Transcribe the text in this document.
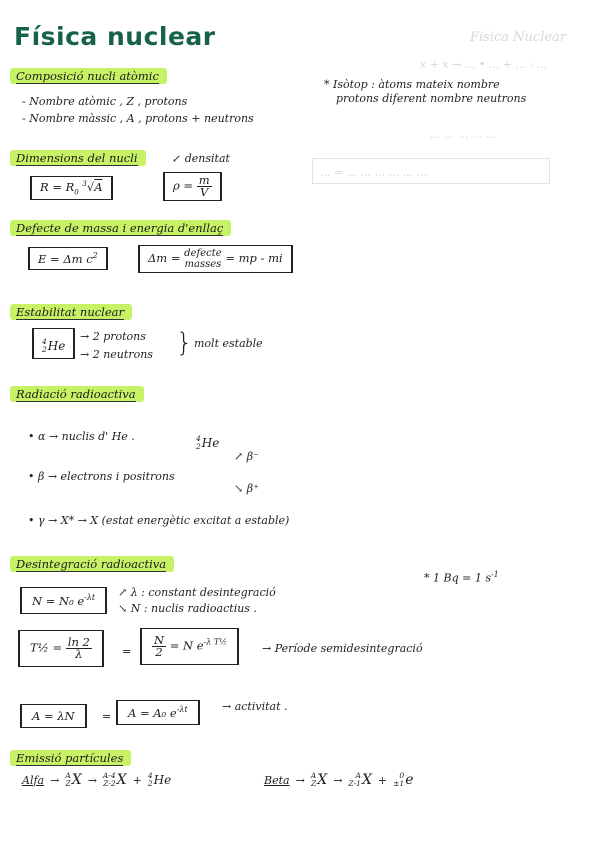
Física nuclear	Fisica Nuclear
x + x → ... • ... + ... · ...
... ... ... ... ...
... = ... ... ... ... ... ...
Composició nucli atòmic
- Nombre atòmic , Z , protons
- Nombre màssic , A , protons + neutrons
* Isòtop : àtoms mateix nombre
protons diferent nombre neutrons
Dimensions del nucli	↙ densitat
$R = R_0$ $^3$√A	$\rho = \frac{m}{V}$
Defecte de massa i energia d'enllaç
E = Δm $c^2$	Δm = defecte
masses = mp - mi
Estabilitat nuclear
4
2 He
→ 2 protons
→ 2 neutrons } molt estable
Radiació radioactiva
• α → nuclis d' He .	4
2 He
• β → electrons i positrons
↗ β⁻
↘ β⁺
• γ → X* → X (estat energètic excitat a estable)
Desintegració radioactiva
* 1 Bq = 1 $s^{-1}$
N = N₀ $e^{-\lambda t}$	↗ λ : constant desintegració
↘ N : nuclis radioactius .
T½ = $\frac{\ln 2}{\lambda}$	= $\frac{N}{2} = N$ $e^{-\lambda T\frac{1}{2}}$	→ Període semidesintegració
A = λN	=	A = A₀ $e^{-\lambda t}$	→ activitat .
Emissió partícules
Alfa → A
Z X → A-4
Z-2 X + 4
2 He	Beta → A
Z X →	A
Z-1 X +	0
±1 e
